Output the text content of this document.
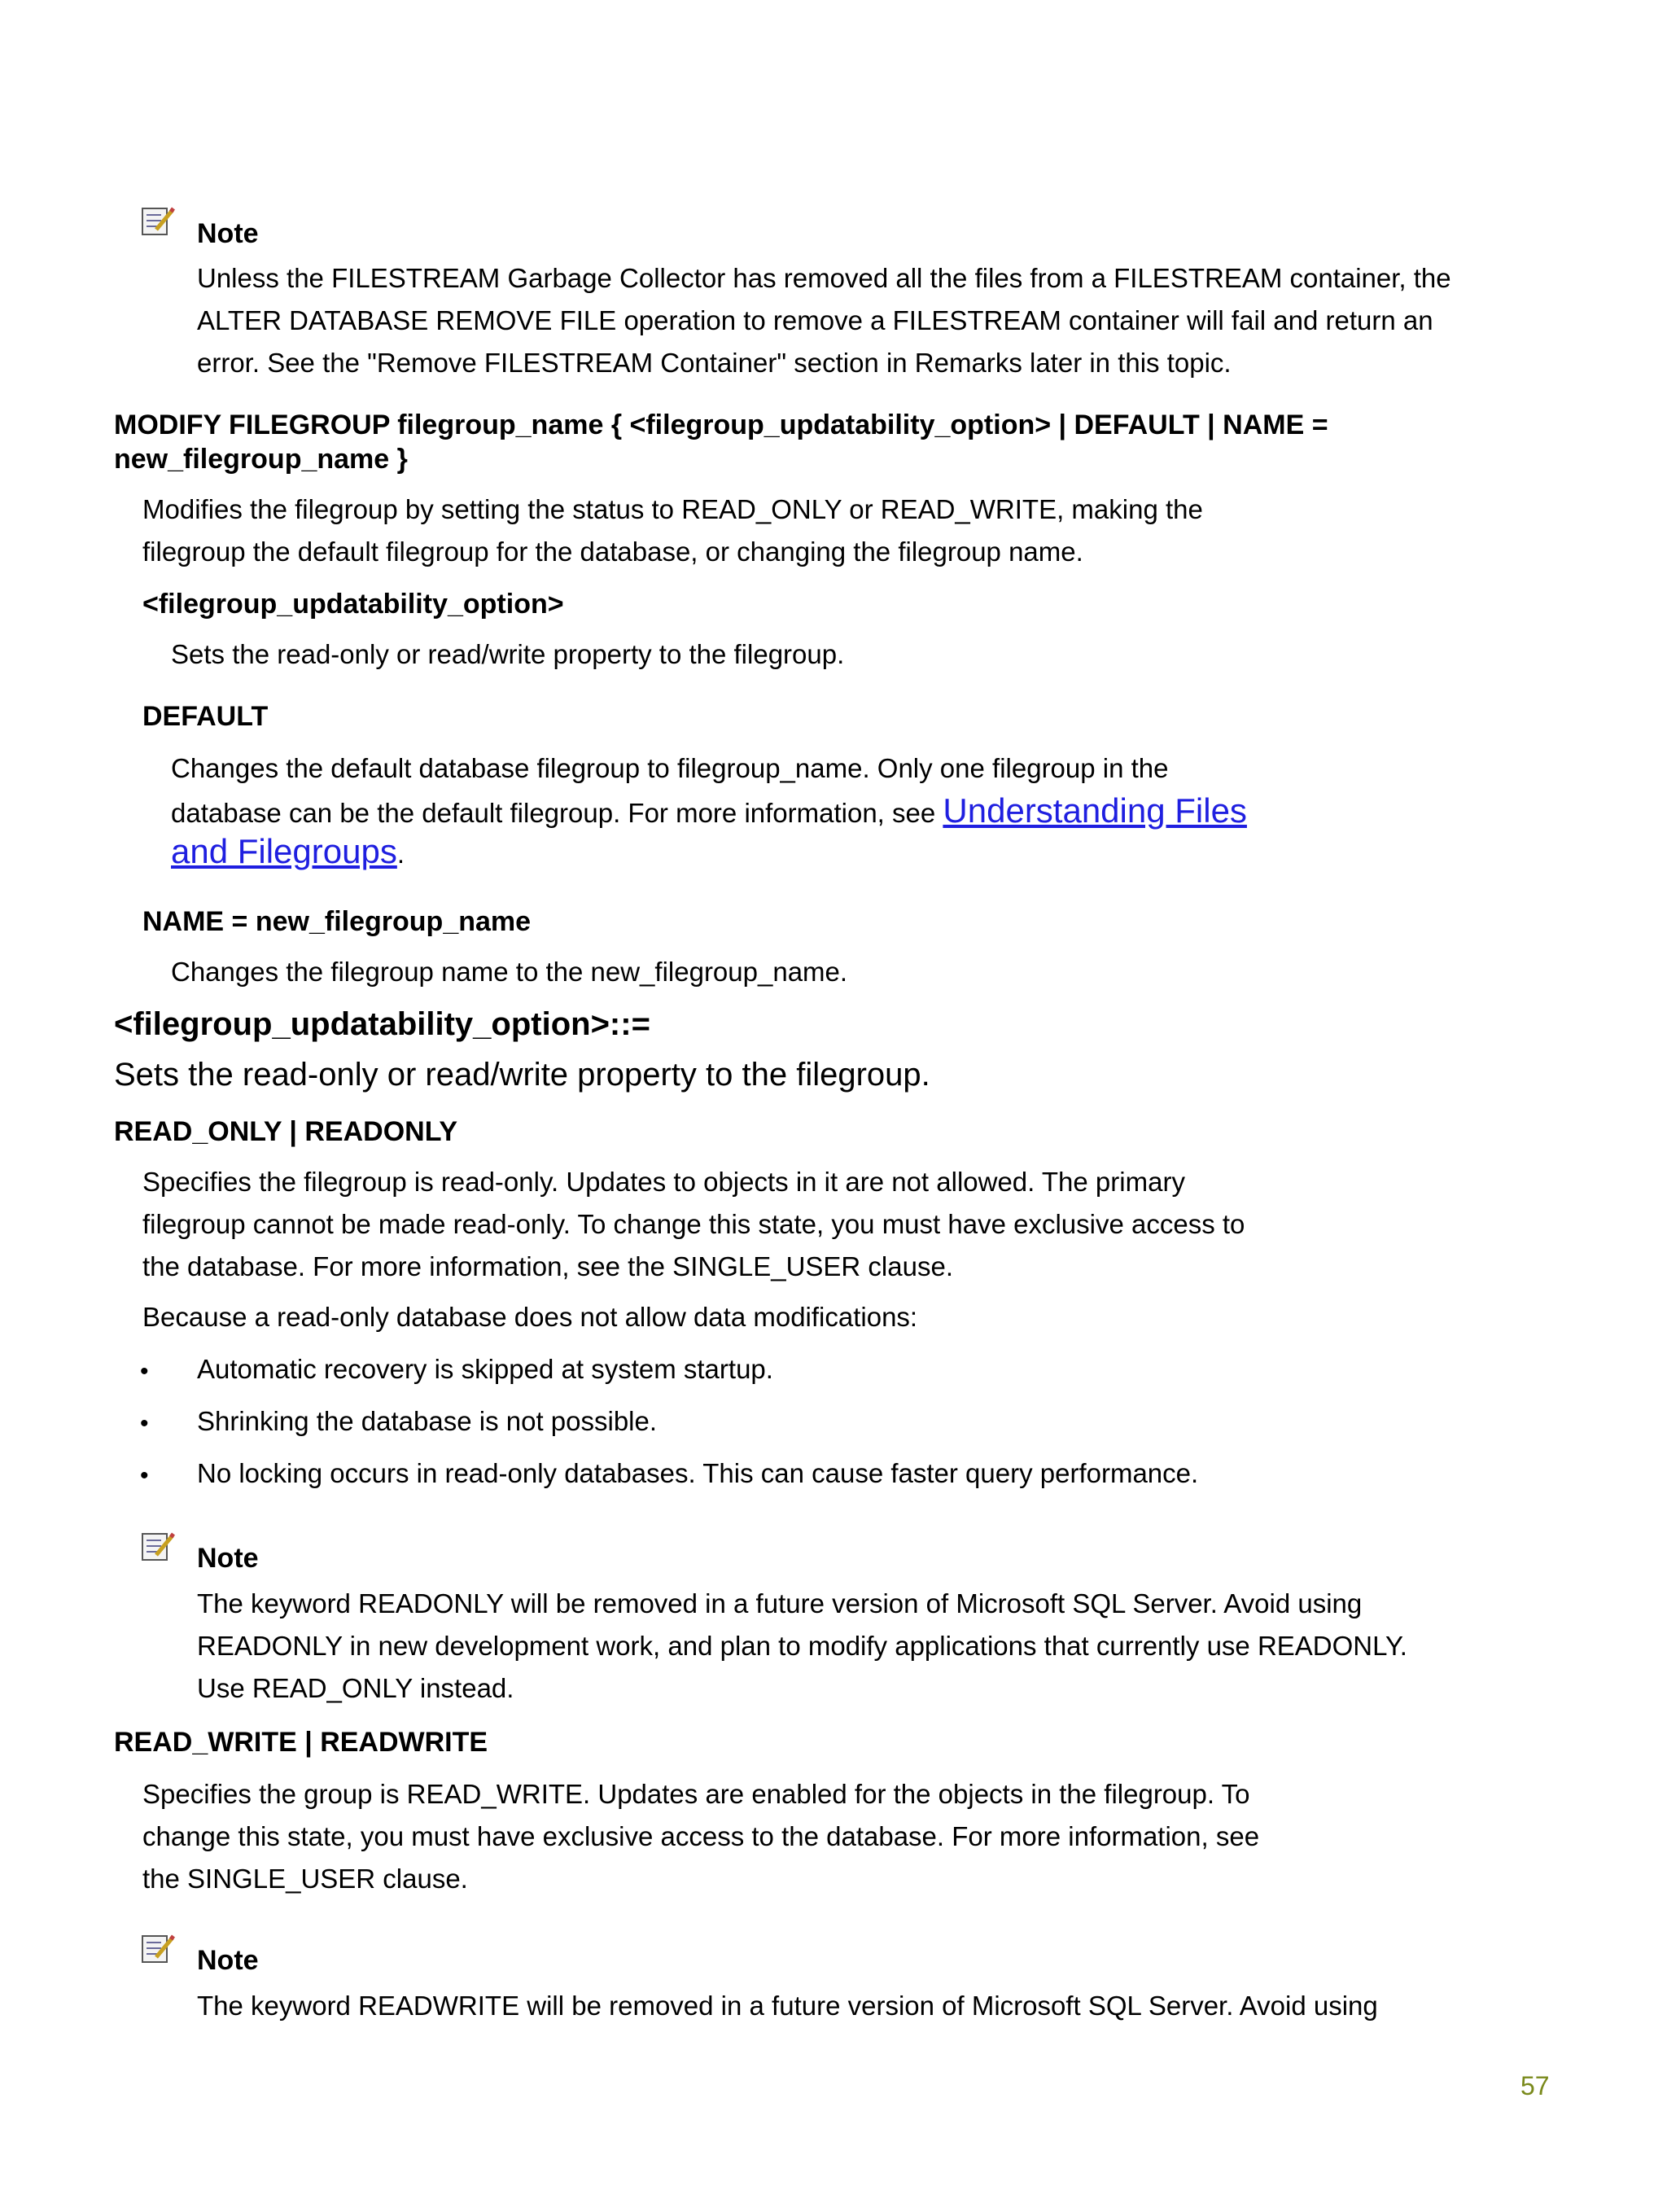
Note
Unless the FILESTREAM Garbage Collector has removed all the files from a FILESTREAM container, the
ALTER DATABASE REMOVE FILE operation to remove a FILESTREAM container will fail and return an
error. See the "Remove FILESTREAM Container" section in Remarks later in this topic.
MODIFY FILEGROUP filegroup_name { <filegroup_updatability_option> | DEFAULT | NAME =
new_filegroup_name }
Modifies the filegroup by setting the status to READ_ONLY or READ_WRITE, making the
filegroup the default filegroup for the database, or changing the filegroup name.
<filegroup_updatability_option>
Sets the read-only or read/write property to the filegroup.
DEFAULT
Changes the default database filegroup to filegroup_name. Only one filegroup in the
database can be the default filegroup. For more information, see Understanding Files
and Filegroups.
NAME = new_filegroup_name
Changes the filegroup name to the new_filegroup_name.
<filegroup_updatability_option>::=
Sets the read-only or read/write property to the filegroup.
READ_ONLY | READONLY
Specifies the filegroup is read-only. Updates to objects in it are not allowed. The primary
filegroup cannot be made read-only. To change this state, you must have exclusive access to
the database. For more information, see the SINGLE_USER clause.
Because a read-only database does not allow data modifications:
• Automatic recovery is skipped at system startup.
• Shrinking the database is not possible.
• No locking occurs in read-only databases. This can cause faster query performance.
Note
The keyword READONLY will be removed in a future version of Microsoft SQL Server. Avoid using
READONLY in new development work, and plan to modify applications that currently use READONLY.
Use READ_ONLY instead.
READ_WRITE | READWRITE
Specifies the group is READ_WRITE. Updates are enabled for the objects in the filegroup. To
change this state, you must have exclusive access to the database. For more information, see
the SINGLE_USER clause.
Note
The keyword READWRITE will be removed in a future version of Microsoft SQL Server. Avoid using
57
